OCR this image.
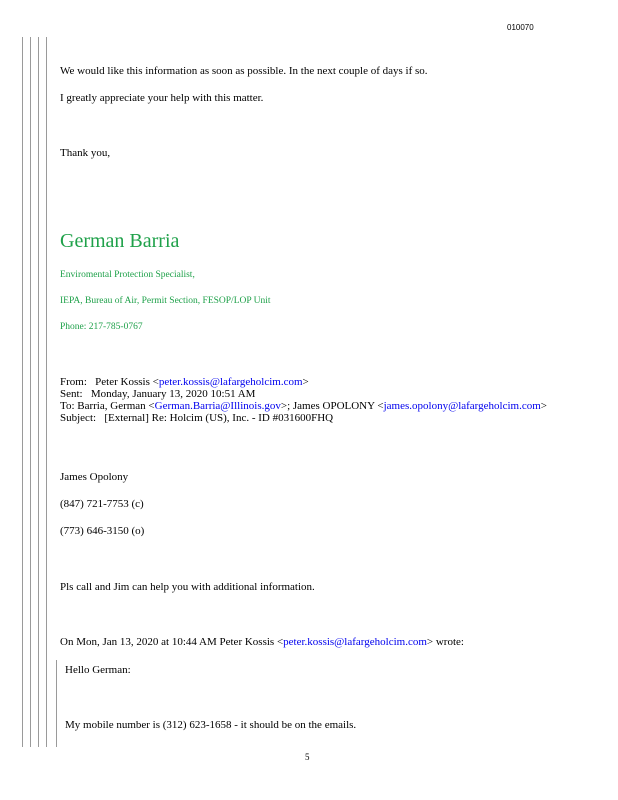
010070
We would like this information as soon as possible. In the next couple of days if so.
I greatly appreciate your help with this matter.
Thank you,
German Barria
Enviromental Protection Specialist,
IEPA, Bureau of Air, Permit Section, FESOP/LOP Unit
Phone: 217-785-0767
From: Peter Kossis <peter.kossis@lafargeholcim.com>
Sent: Monday, January 13, 2020 10:51 AM
To: Barria, German <German.Barria@Illinois.gov>; James OPOLONY <james.opolony@lafargeholcim.com>
Subject: [External] Re: Holcim (US), Inc. - ID #031600FHQ
James Opolony
(847) 721-7753 (c)
(773) 646-3150 (o)
Pls call and Jim can help you with additional information.
On Mon, Jan 13, 2020 at 10:44 AM Peter Kossis <peter.kossis@lafargeholcim.com> wrote:
Hello German:
My mobile number is (312) 623-1658 - it should be on the emails.
5
